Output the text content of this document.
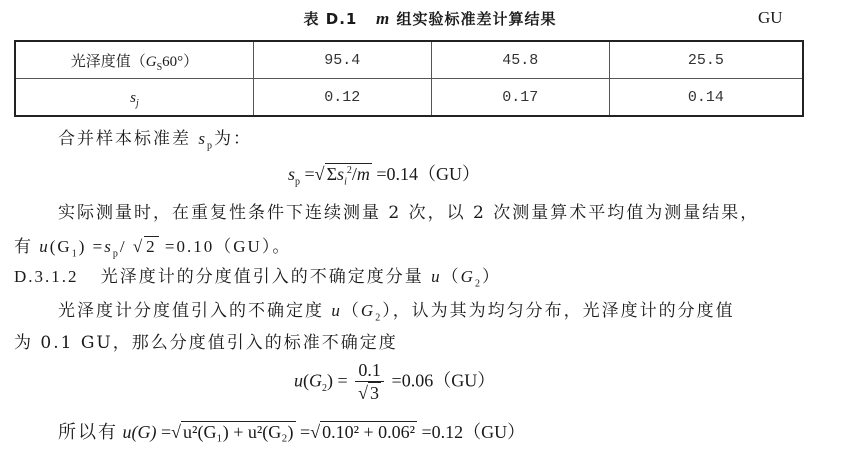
表 D.1 m 组实验标准差计算结果	GU
光泽度值$(G_S60^\circ)$	95.4	45.8	25.5
$s_j$	0.12	0.17	0.14
合并样本标准差 $s_p$为：
$s_p$ =√ $\Sigma s_i^2/m =0.14(GU)$
实际测量时，在重复性条件下连续测量 2 次，以 2 次测量算术平均值为测量结果，
有 $u(G_1) =s_p/$ √ 2 =0.10（GU）。
D.3.1.2 光泽度计的分度值引入的不确定度分量 $u(G_2)$
光泽度计分度值引入的不确定度 $u(G_2)$，认为其为均匀分布，光泽度计的分度值
为 0.1 GU，那么分度值引入的标准不确定度
$u(G_2) = \frac{0.1}{√ 3} =0.06(GU)$
所以有 u(G) =√ u²(G₁) + u²(G₂) =√ 0.10² + 0.06² =0.12（GU）
